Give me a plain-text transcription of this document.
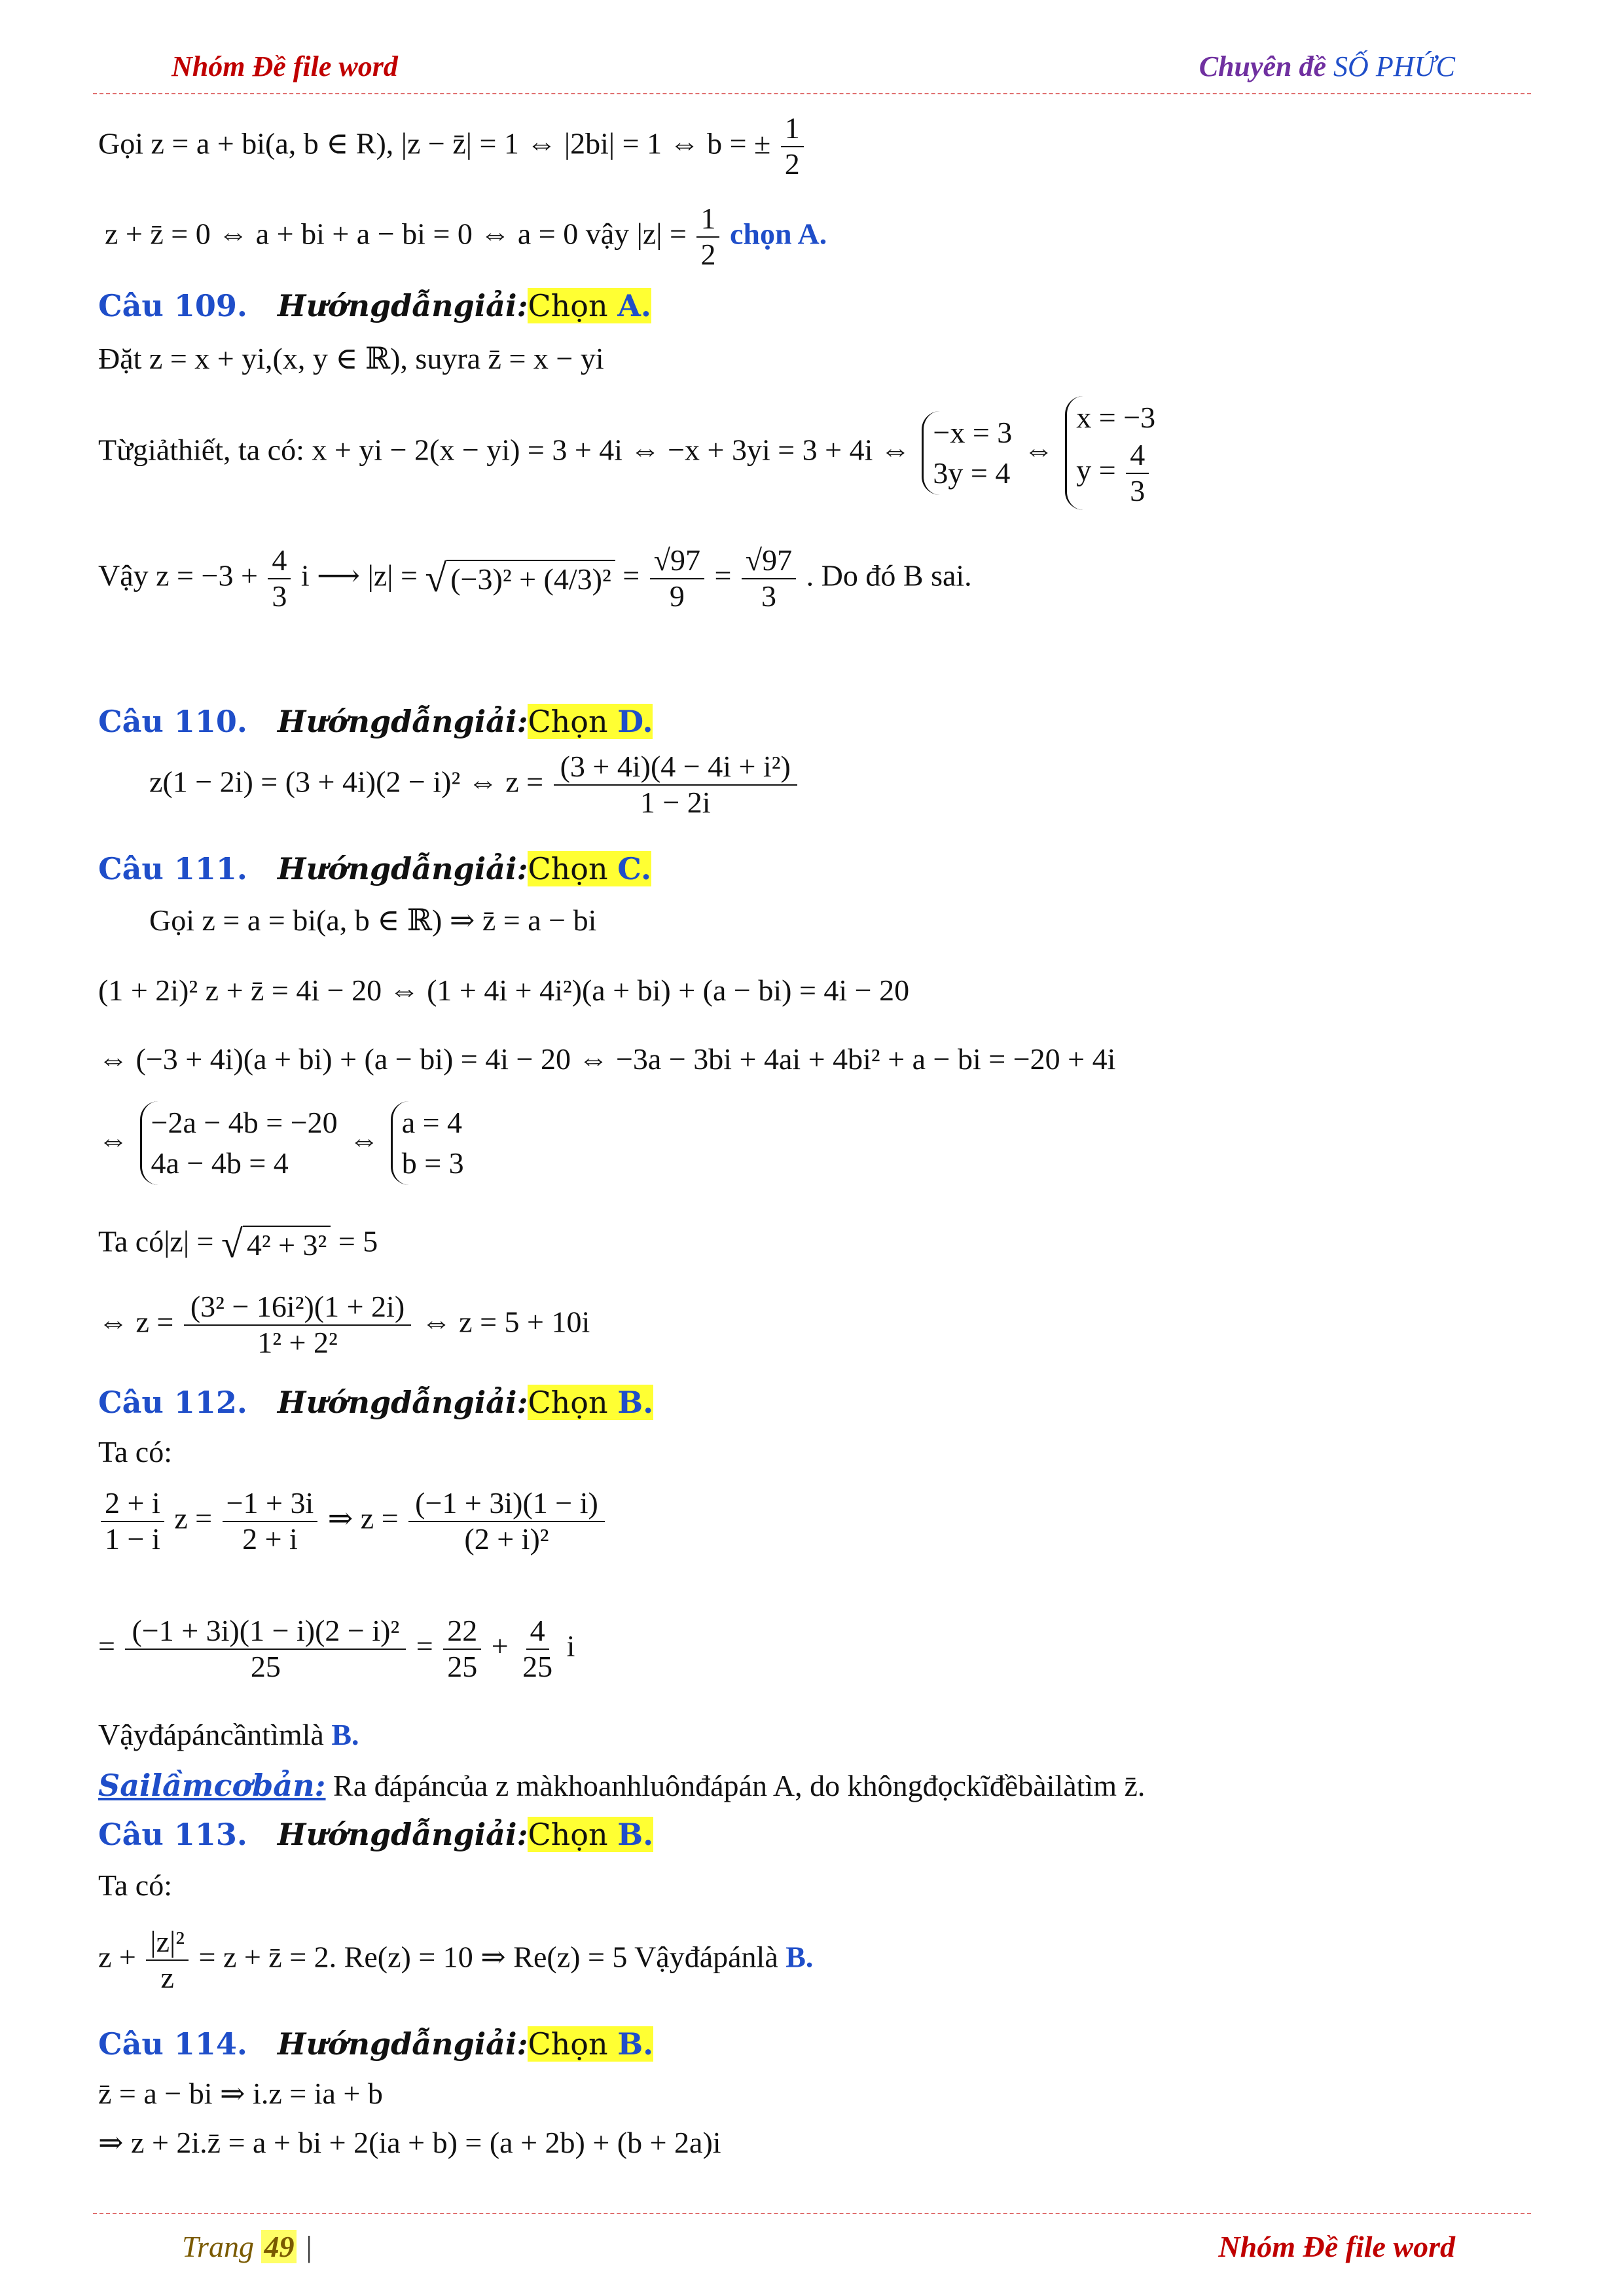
Nhóm Đề file word	Chuyên đề SỐ PHỨC
Gọi z = a + bi(a, b ∈ R), |z − z̄| = 1 ⇔ |2bi| = 1 ⇔ b = ± $\frac{1}{2}$
z + z̄ = 0 ⇔ a + bi + a − bi = 0 ⇔ a = 0 vậy $|z| = \frac{1}{2}$ chọn A.
Câu 109. Hướngdẫngiải:Chọn A.
Đặt z = x + yi,(x, y ∈ ℝ), suyra z̄ = x − yi
Từgiảthiết, ta có: x + yi − 2(x − yi) = 3 + 4i ⇔ −x + 3yi = 3 + 4i ⇔
−x = 3
3y = 4
⇔
x = −3
$y = \frac{4}{3}$
Vậy $z = -3 + \frac{4}{3}$ i ⟶ |z| = √ $(-3)^2 + (4/3)^2 = \frac{√97}{9} = \frac{√97}{3}$ . Do đó B sai.
Câu 110. Hướngdẫngiải:Chọn D.
z(1 − 2i) = (3 + 4i)(2 − i)² ⇔ $z = \frac{\text{(3 + 4i)(4 − 4i + i²)}}{1 - 2i}$
Câu 111. Hướngdẫngiải:Chọn C.
Gọi z = a = bi(a, b ∈ ℝ) ⇒ z̄ = a − bi
(1 + 2i)² z + z̄ = 4i − 20 ⇔ (1 + 4i + 4i²)(a + bi) + (a − bi) = 4i − 20
⇔ (−3 + 4i)(a + bi) + (a − bi) = 4i − 20 ⇔ −3a − 3bi + 4ai + 4bi² + a − bi = −20 + 4i
⇔
−2a − 4b = −20
4a − 4b = 4
⇔
a = 4
b = 3
Ta có|z| = √ 4² + 3² = 5
⇔ $z = \frac{\text{(3² − 16i²)(1 + 2i)}}{\text{1² + 2²}}$ ⇔ z = 5 + 10i
Câu 112. Hướngdẫngiải:Chọn B.
Ta có:
$\frac{2 + i}{1 - i}$ $z = \frac{-1 + 3i}{2 + i}$ ⇒ $z = \frac{(-1 + 3i)(1 - i)}{\text{(2 + i)²}}$
= $\frac{\text{(−1 + 3i)(1 − i)(2 − i)²}}{25} = \frac{22}{25} + \frac{4}{25}$ i
Vậyđápáncầntìmlà B.
Sailầmcơbản: Ra đápáncủa z màkhoanhluônđápán A, do khôngđọckĩđềbàilàtìm z̄.
Câu 113. Hướngdẫngiải:Chọn B.
Ta có:
$z + \frac{\text{|z|²}}{z} = z$ + z̄ = 2. Re(z) = 10 ⇒ Re(z) = 5 Vậyđápánlà B.
Câu 114. Hướngdẫngiải:Chọn B.
z̄ = a − bi ⇒ i.z = ia + b
⇒ z + 2i.z̄ = a + bi + 2(ia + b) = (a + 2b) + (b + 2a)i
Trang 49 |	Nhóm Đề file word
